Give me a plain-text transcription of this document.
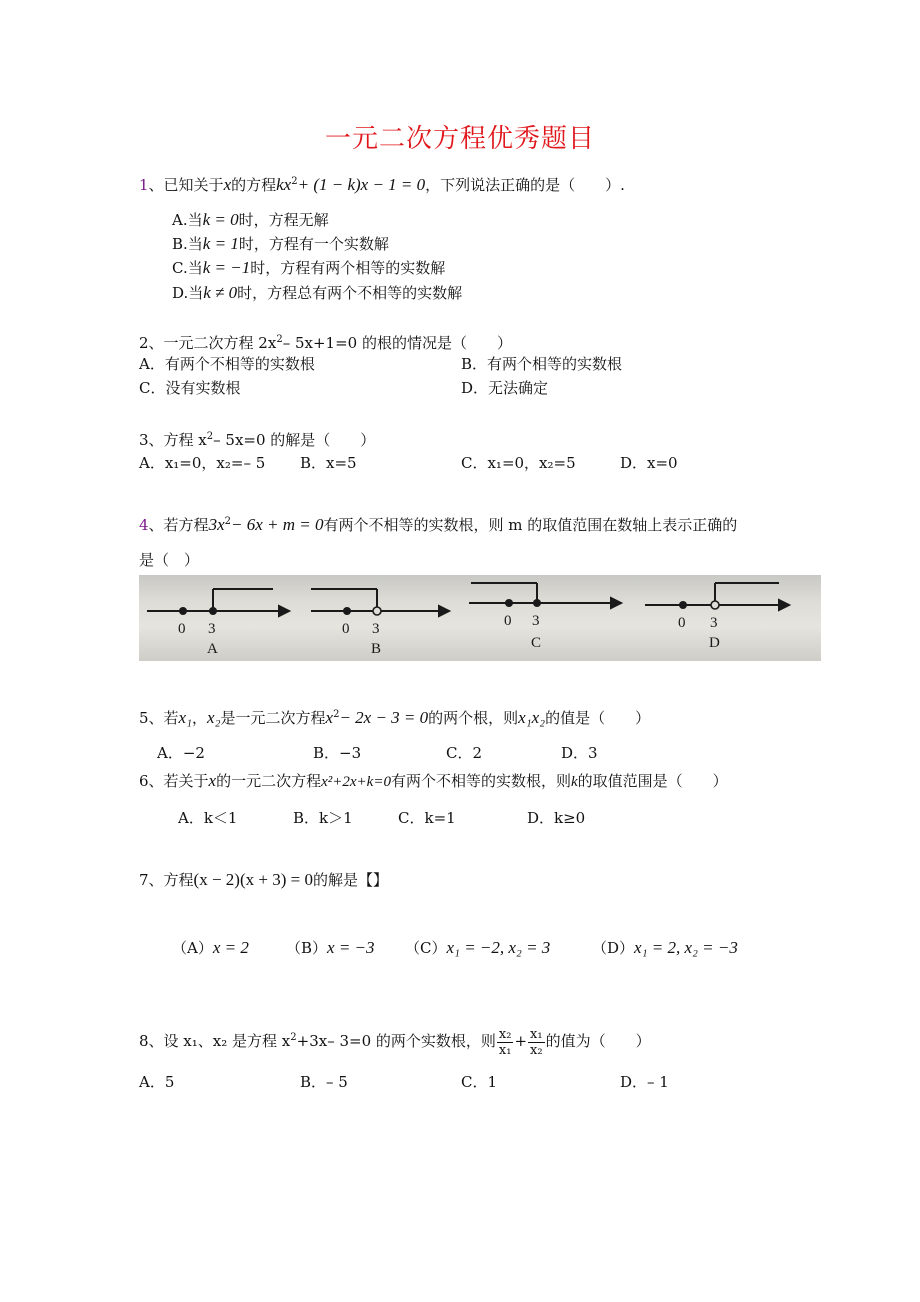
一元二次方程优秀题目
1、已知关于x的方程$kx^2+ (1 - k)x - 1 = 0$，下列说法正确的是（　　）.
A.当k = 0时，方程无解
B.当k = 1时，方程有一个实数解
C.当k = −1时，方程有两个相等的实数解
D.当k ≠ 0时，方程总有两个不相等的实数解
2、一元二次方程 $2x^2-$ 5x+1=0 的根的情况是（　　）
A．有两个不相等的实数根	B．有两个相等的实数根
C．没有实数根	D．无法确定
3、方程 $x^2-$ 5x=0 的解是（　　）
A．x₁=0，x₂=– 5 B．x=5	C．x₁=0，x₂=5	D．x=0
4、若方程$3x^2- 6x + m = 0$有两个不相等的实数根，则 m 的取值范围在数轴上表示正确的
是（　）
0 3
A
0 3
B
0 3
C
0 3
D
5、若x₁，x₂是一元二次方程$x^2- 2x - 3 = 0$的两个根，则x₁x₂的值是（　　）
A．−2	B．−3	C．2	D．3
6、若关于x的一元二次方程x²+2x+k=0有两个不相等的实数根，则k的取值范围是（　　）
A．k＜1	B．k＞1	C．k=1	D．k≥0
7、方程(x − 2)(x + 3) = 0的解是【】
（A）x = 2 （B）x = −3 （C）x₁ = −2, x₂ = 3	（D）x₁ = 2, x₂ = −3
8、设 x₁、x₂ 是方程 $x^2+3x-$ 3=0 的两个实数根，则 $\frac{\text{x₂}}{\text{x₁}} + \frac{\text{x₁}}{\text{x₂}}$ 的值为（　　）
A．5	B．– 5	C．1	D．– 1
